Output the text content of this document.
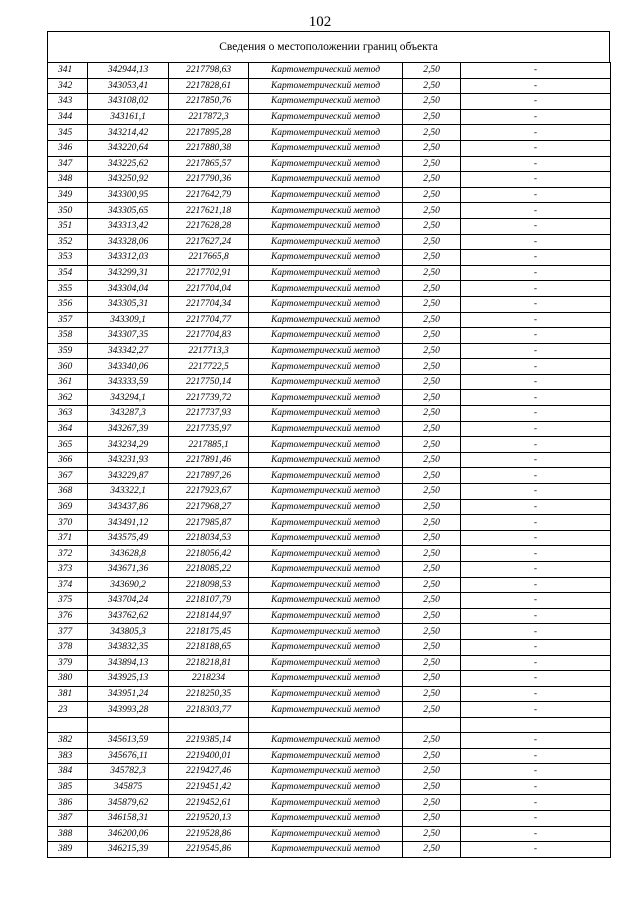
102
Сведения о местоположении границ объекта
341	342944,13	2217798,63	Картометрический метод	2,50	-
342	343053,41	2217828,61	Картометрический метод	2,50	-
343	343108,02	2217850,76	Картометрический метод	2,50	-
344	343161,1	2217872,3	Картометрический метод	2,50	-
345	343214,42	2217895,28	Картометрический метод	2,50	-
346	343220,64	2217880,38	Картометрический метод	2,50	-
347	343225,62	2217865,57	Картометрический метод	2,50	-
348	343250,92	2217790,36	Картометрический метод	2,50	-
349	343300,95	2217642,79	Картометрический метод	2,50	-
350	343305,65	2217621,18	Картометрический метод	2,50	-
351	343313,42	2217628,28	Картометрический метод	2,50	-
352	343328,06	2217627,24	Картометрический метод	2,50	-
353	343312,03	2217665,8	Картометрический метод	2,50	-
354	343299,31	2217702,91	Картометрический метод	2,50	-
355	343304,04	2217704,04	Картометрический метод	2,50	-
356	343305,31	2217704,34	Картометрический метод	2,50	-
357	343309,1	2217704,77	Картометрический метод	2,50	-
358	343307,35	2217704,83	Картометрический метод	2,50	-
359	343342,27	2217713,3	Картометрический метод	2,50	-
360	343340,06	2217722,5	Картометрический метод	2,50	-
361	343333,59	2217750,14	Картометрический метод	2,50	-
362	343294,1	2217739,72	Картометрический метод	2,50	-
363	343287,3	2217737,93	Картометрический метод	2,50	-
364	343267,39	2217735,97	Картометрический метод	2,50	-
365	343234,29	2217885,1	Картометрический метод	2,50	-
366	343231,93	2217891,46	Картометрический метод	2,50	-
367	343229,87	2217897,26	Картометрический метод	2,50	-
368	343322,1	2217923,67	Картометрический метод	2,50	-
369	343437,86	2217968,27	Картометрический метод	2,50	-
370	343491,12	2217985,87	Картометрический метод	2,50	-
371	343575,49	2218034,53	Картометрический метод	2,50	-
372	343628,8	2218056,42	Картометрический метод	2,50	-
373	343671,36	2218085,22	Картометрический метод	2,50	-
374	343690,2	2218098,53	Картометрический метод	2,50	-
375	343704,24	2218107,79	Картометрический метод	2,50	-
376	343762,62	2218144,97	Картометрический метод	2,50	-
377	343805,3	2218175,45	Картометрический метод	2,50	-
378	343832,35	2218188,65	Картометрический метод	2,50	-
379	343894,13	2218218,81	Картометрический метод	2,50	-
380	343925,13	2218234	Картометрический метод	2,50	-
381	343951,24	2218250,35	Картометрический метод	2,50	-
23	343993,28	2218303,77	Картометрический метод	2,50	-

382	345613,59	2219385,14	Картометрический метод	2,50	-
383	345676,11	2219400,01	Картометрический метод	2,50	-
384	345782,3	2219427,46	Картометрический метод	2,50	-
385	345875	2219451,42	Картометрический метод	2,50	-
386	345879,62	2219452,61	Картометрический метод	2,50	-
387	346158,31	2219520,13	Картометрический метод	2,50	-
388	346200,06	2219528,86	Картометрический метод	2,50	-
389	346215,39	2219545,86	Картометрический метод	2,50	-
